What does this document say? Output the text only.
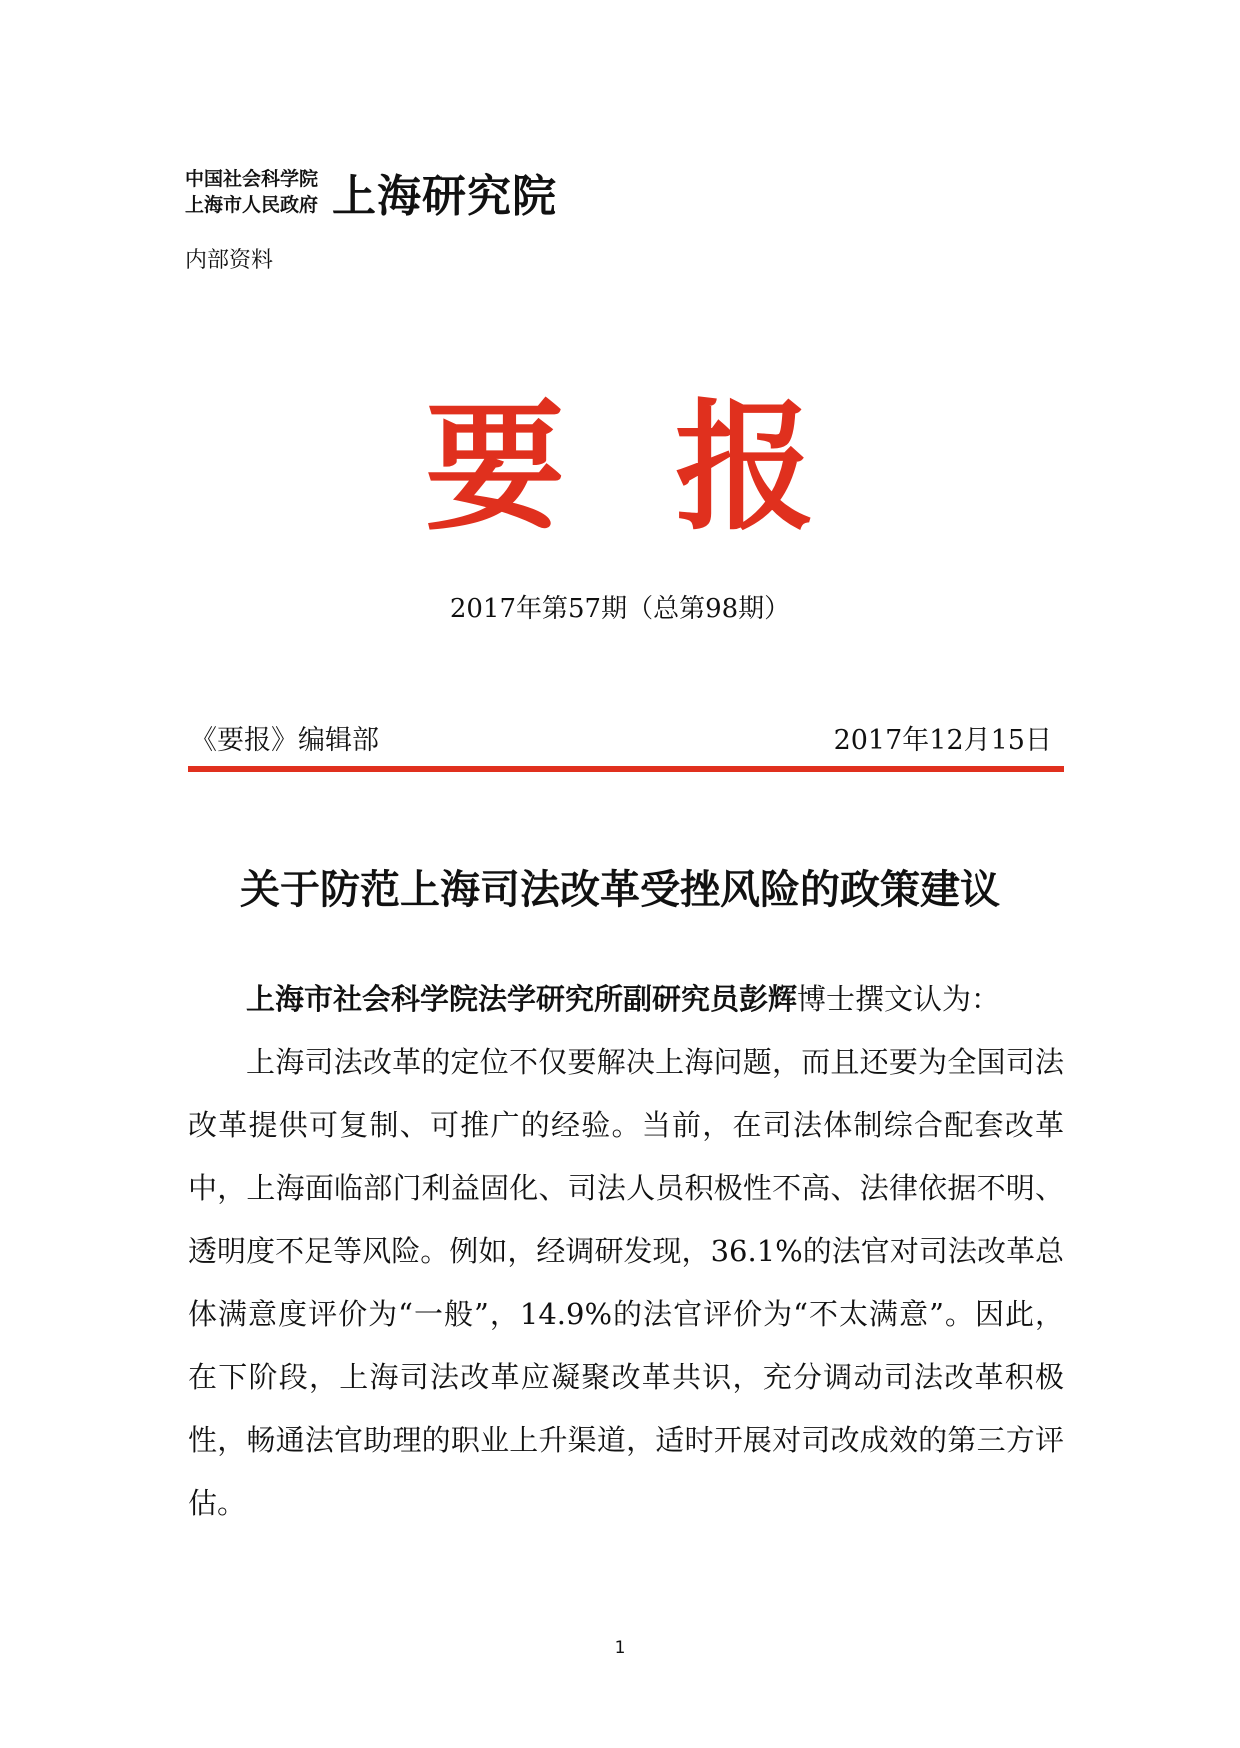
中国社会科学院
上海市人民政府 上海研究院
内部资料
要报
2017年第57期（总第98期）
《要报》编辑部	2017年12月15日
关于防范上海司法改革受挫风险的政策建议

上海市社会科学院法学研究所副研究员彭辉博士撰文认为：

上海司法改革的定位不仅要解决上海问题，而且还要为全国司法改革提供可复制、可推广的经验。当前，在司法体制综合配套改革中，上海面临部门利益固化、司法人员积极性不高、法律依据不明、透明度不足等风险。例如，经调研发现，36.1%的法官对司法改革总体满意度评价为“一般”，14.9%的法官评价为“不太满意”。因此，在下阶段，上海司法改革应凝聚改革共识，充分调动司法改革积极性，畅通法官助理的职业上升渠道，适时开展对司改成效的第三方评估。

1
